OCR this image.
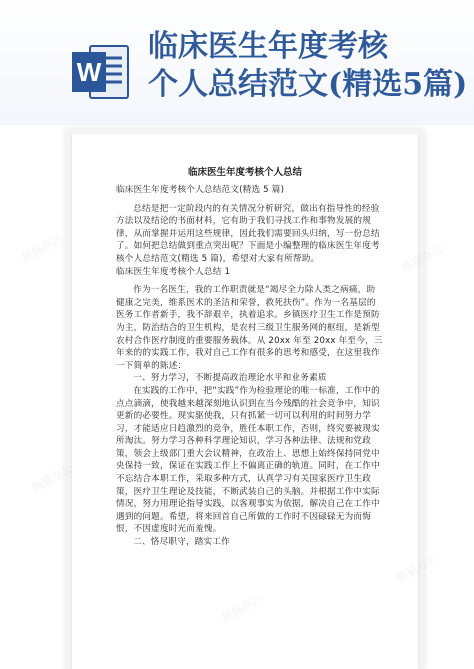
W
临床医生年度考核
个人总结范文(精选5篇)
临床医生年度考核个人总结

临床医生年度考核个人总结范文(精选 5 篇)

总结是把一定阶段内的有关情况分析研究，做出有指导性的经验方法以及结论的书面材料，它有助于我们寻找工作和事物发展的规律，从而掌握并运用这些规律，因此我们需要回头归纳，写一份总结了。如何把总结做到重点突出呢？下面是小编整理的临床医生年度考核个人总结范文(精选 5 篇)，希望对大家有所帮助。

临床医生年度考核个人总结 1

作为一名医生，我的工作职责就是“竭尽全力除人类之病痛，助健康之完美，维系医术的圣洁和荣誉，救死扶伤”。作为一名基层的医务工作者新手，我不辞艰辛，执着追求。乡镇医疗卫生工作是预防为主，防治结合的卫生机构，是农村三级卫生服务网的枢纽，是新型农村合作医疗制度的重要服务载体。从 20xx 年至 20xx 年至今，三年来的的实践工作，我对自己工作有很多的思考和感受，在这里我作一下简单的陈述：

一、努力学习，不断提高政治理论水平和业务素质

在实践的工作中，把“实践”作为检验理论的唯一标准，工作中的点点滴滴，使我越来越深刻地认识到在当今残酷的社会竞争中，知识更新的必要性。现实驱使我，只有抓紧一切可以利用的时间努力学习，才能适应日趋激烈的竞争，胜任本职工作，否则，终究要被现实所淘汰。努力学习各种科学理论知识，学习各种法律、法规和党政策，领会上级部门重大会议精神，在政治上、思想上始终保持同党中央保持一致，保证在实践工作上不偏离正确的轨道。同时，在工作中不忘结合本职工作，采取多种方式，认真学习有关国家医疗卫生政策，医疗卫生理论及技能，不断武装自己的头脑。并根据工作中实际情况，努力用理论指导实践，以客观事实为依据，解决自己在工作中遇到的问题。希望，将来回首自己所做的工作时不因碌碌无为而悔恨，不因虚度时光而羞愧。

二、恪尽职守，踏实工作

熊猫办公
熊猫办公
